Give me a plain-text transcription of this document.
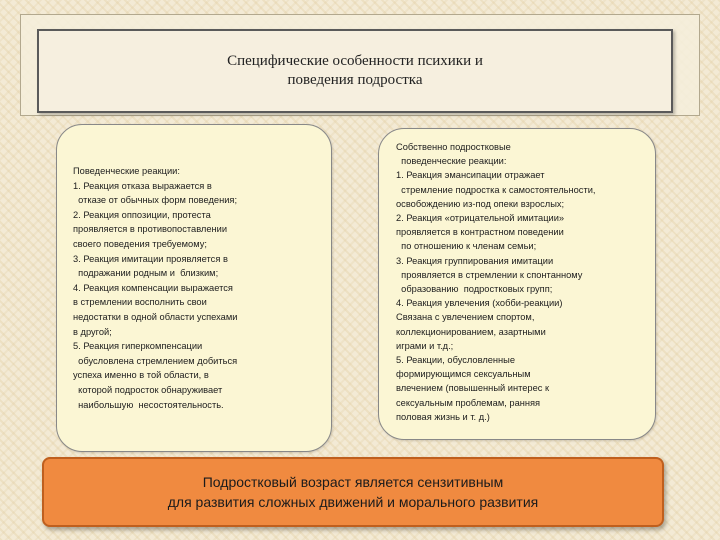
Специфические особенности психики и
поведения подростка
Поведенческие реакции:
1. Реакция отказа выражается в
отказе от обычных форм поведения;
2. Реакция оппозиции, протеста
проявляется в противопоставлении
своего поведения требуемому;
3. Реакция имитации проявляется в
подражании родным и  близким;
4. Реакция компенсации выражается
в стремлении восполнить свои
недостатки в одной области успехами
в другой;
5. Реакция гиперкомпенсации
обусловлена стремлением добиться
успеха именно в той области, в
которой подросток обнаруживает
наибольшую  несостоятельность.
Собственно подростковые
поведенческие реакции:
1. Реакция эмансипации отражает
стремление подростка к самостоятельности,
освобождению из-под опеки взрослых;
2. Реакция «отрицательной имитации»
проявляется в контрастном поведении
по отношению к членам семьи;
3. Реакция группирования имитации
проявляется в стремлении к спонтанному
образованию  подростковых групп;
4. Реакция увлечения (хобби-реакции)
Связана с увлечением спортом,
коллекционированием, азартными
играми и т.д.;
5. Реакции, обусловленные
формирующимся сексуальным
влечением (повышенный интерес к
сексуальным проблемам, ранняя
половая жизнь и т. д.)
Подростковый возраст является сензитивным
для развития сложных движений и морального развития
